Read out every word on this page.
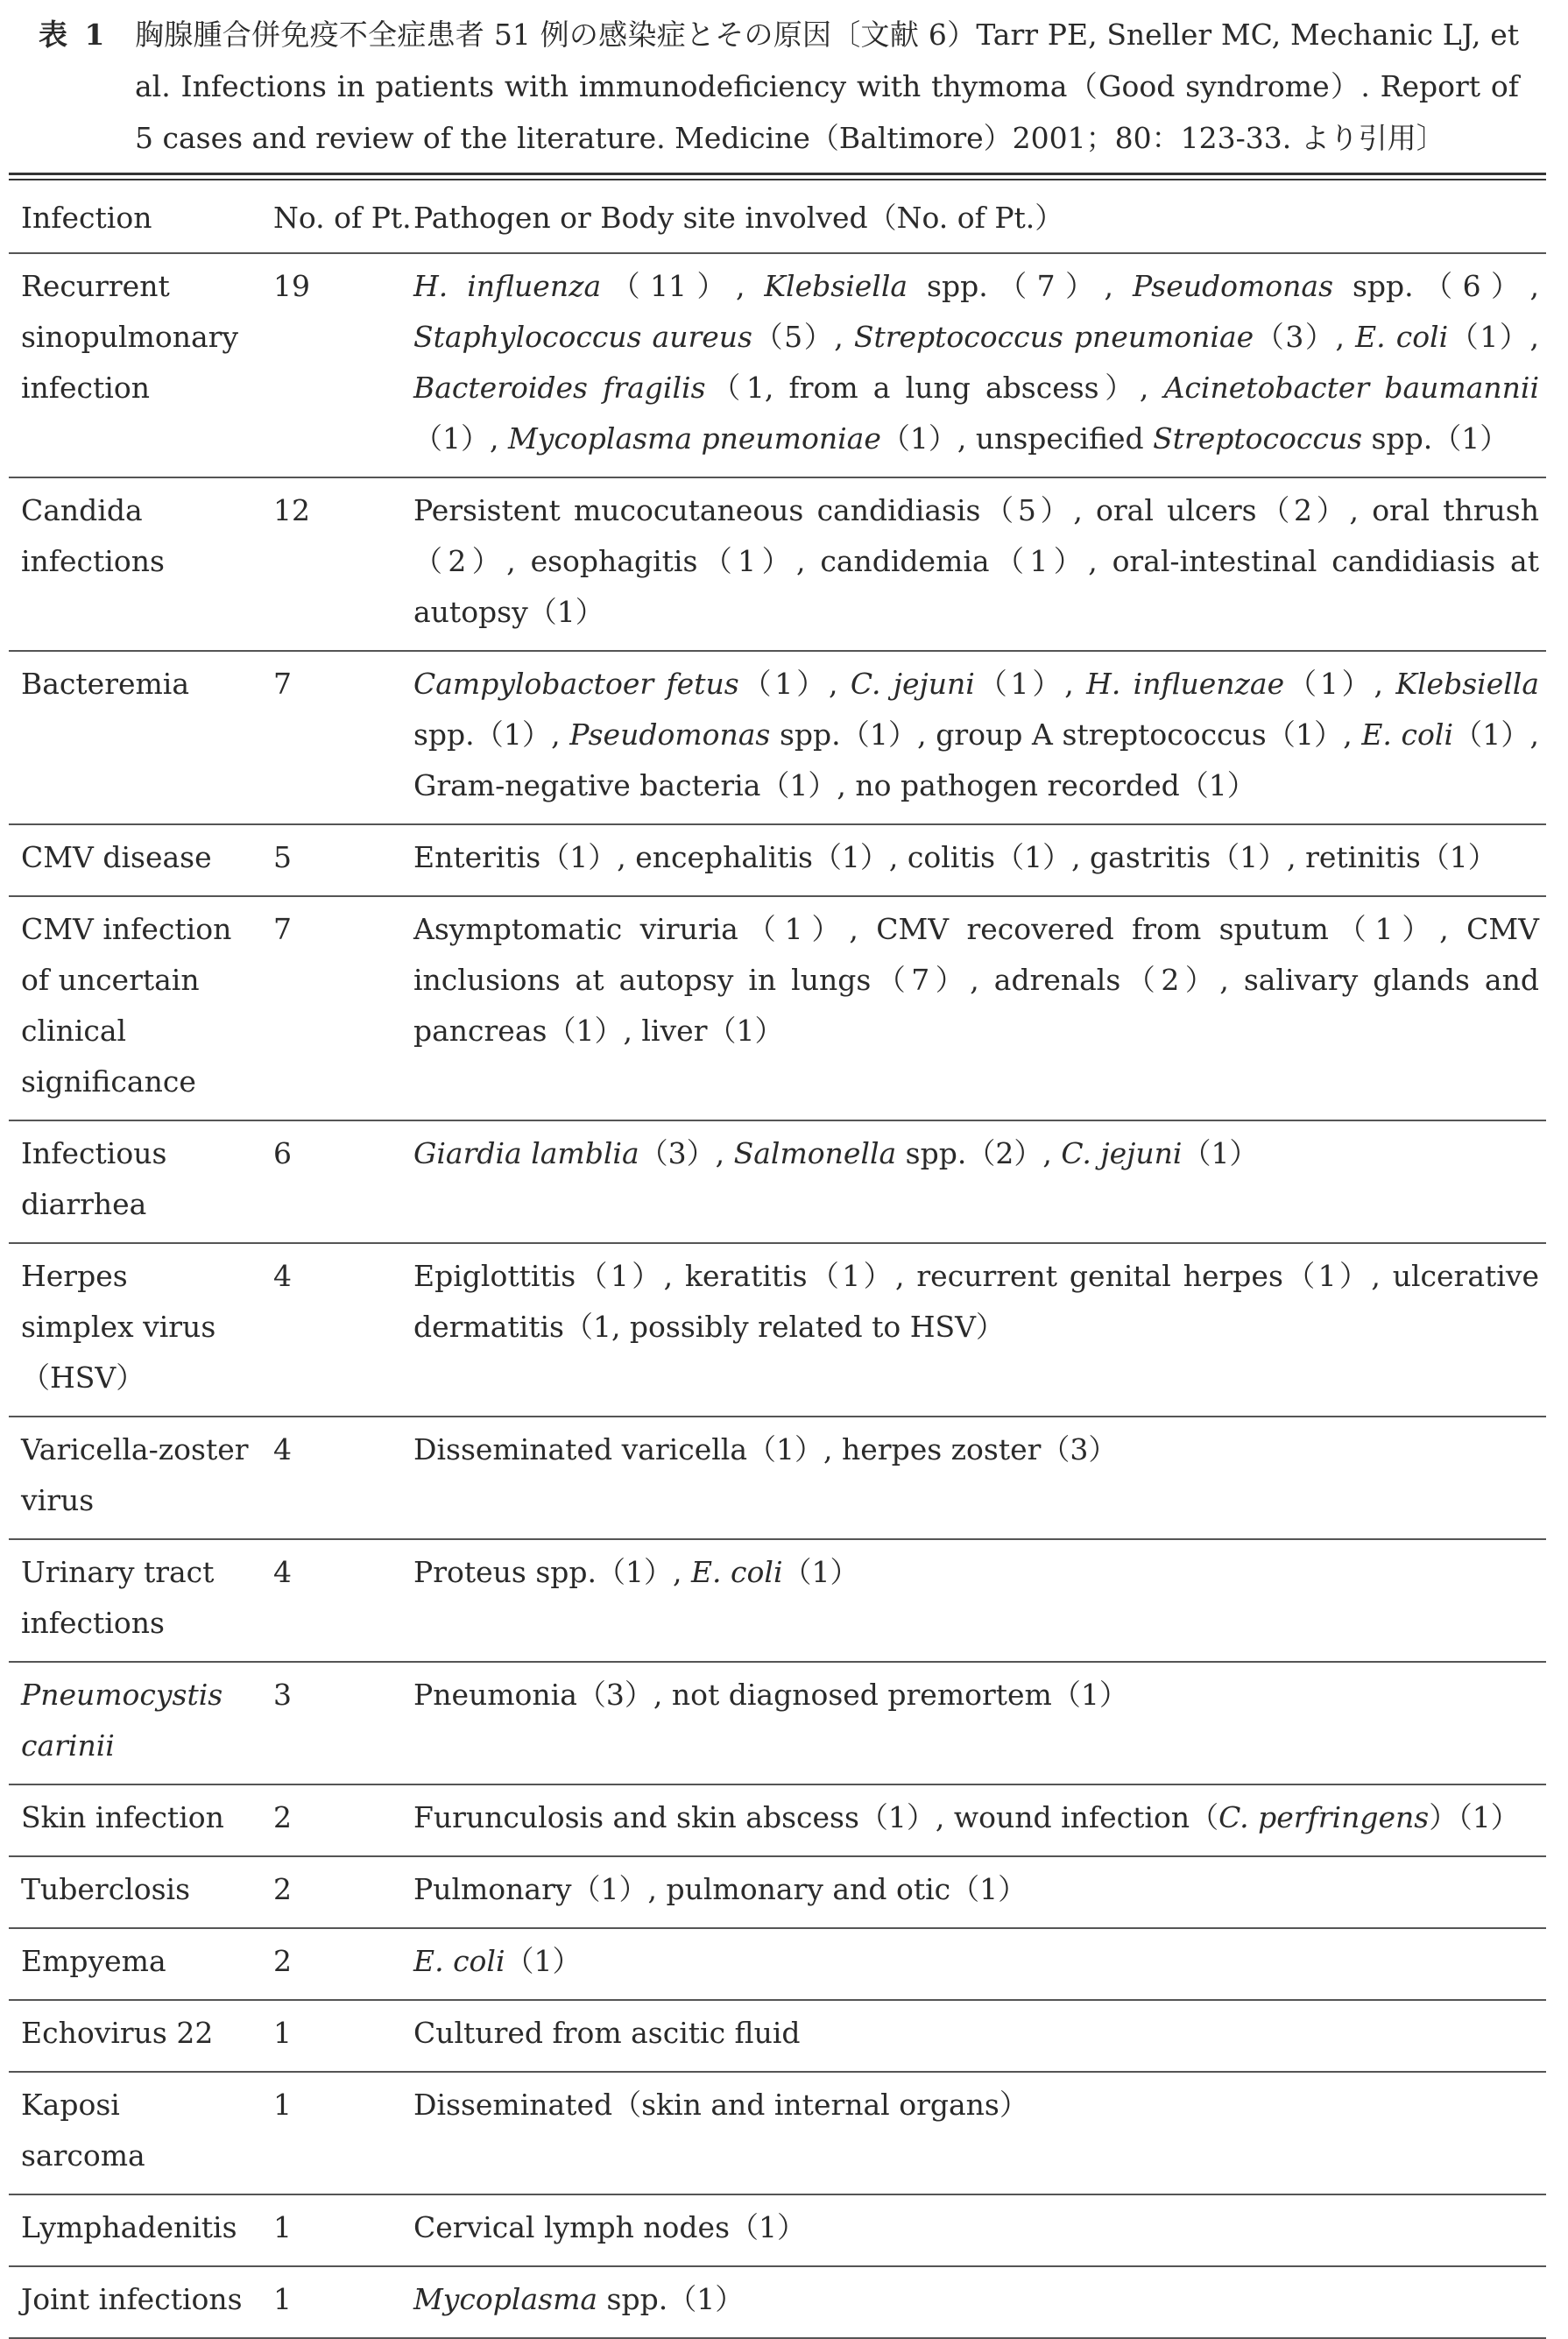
表 1 胸腺腫合併免疫不全症患者 51 例の感染症とその原因〔文献 6）Tarr PE, Sneller MC, Mechanic LJ, et al. Infections in patients with immunodeficiency with thymoma（Good syndrome）. Report of 5 cases and review of the literature. Medicine（Baltimore）2001；80：123-33. より引用〕
Infection	No. of Pt.	Pathogen or Body site involved（No. of Pt.）
Recurrent sinopulmonary infection	19	H. influenza（11）, Klebsiella spp.（7）, Pseudomonas spp.（6）, Staphylococcus aureus（5）, Streptococcus pneumoniae（3）, E. coli（1）, Bacteroides fragilis（1, from a lung abscess）, Acinetobacter baumannii（1）, Mycoplasma pneumoniae（1）, unspecified Streptococcus spp.（1）
Candida infections	12	Persistent mucocutaneous candidiasis（5）, oral ulcers（2）, oral thrush（2）, esophagitis（1）, candidemia（1）, oral-intestinal candidiasis at autopsy（1）
Bacteremia	7	Campylobactoer fetus（1）, C. jejuni（1）, H. influenzae（1）, Klebsiella spp.（1）, Pseudomonas spp.（1）, group A streptococcus（1）, E. coli（1）, Gram-negative bacteria（1）, no pathogen recorded（1）
CMV disease	5	Enteritis（1）, encephalitis（1）, colitis（1）, gastritis（1）, retinitis（1）
CMV infection of uncertain clinical significance	7	Asymptomatic viruria（1）, CMV recovered from sputum（1）, CMV inclusions at autopsy in lungs（7）, adrenals（2）, salivary glands and pancreas（1）, liver（1）
Infectious diarrhea	6	Giardia lamblia（3）, Salmonella spp.（2）, C. jejuni（1）
Herpes simplex virus（HSV）	4	Epiglottitis（1）, keratitis（1）, recurrent genital herpes（1）, ulcerative dermatitis（1, possibly related to HSV）
Varicella-zoster virus	4	Disseminated varicella（1）, herpes zoster（3）
Urinary tract infections	4	Proteus spp.（1）, E. coli（1）
Pneumocystis carinii	3	Pneumonia（3）, not diagnosed premortem（1）
Skin infection	2	Furunculosis and skin abscess（1）, wound infection（C. perfringens）（1）
Tuberclosis	2	Pulmonary（1）, pulmonary and otic（1）
Empyema	2	E. coli（1）
Echovirus 22	1	Cultured from ascitic fluid
Kaposi sarcoma	1	Disseminated（skin and internal organs）
Lymphadenitis	1	Cervical lymph nodes（1）
Joint infections	1	Mycoplasma spp.（1）
